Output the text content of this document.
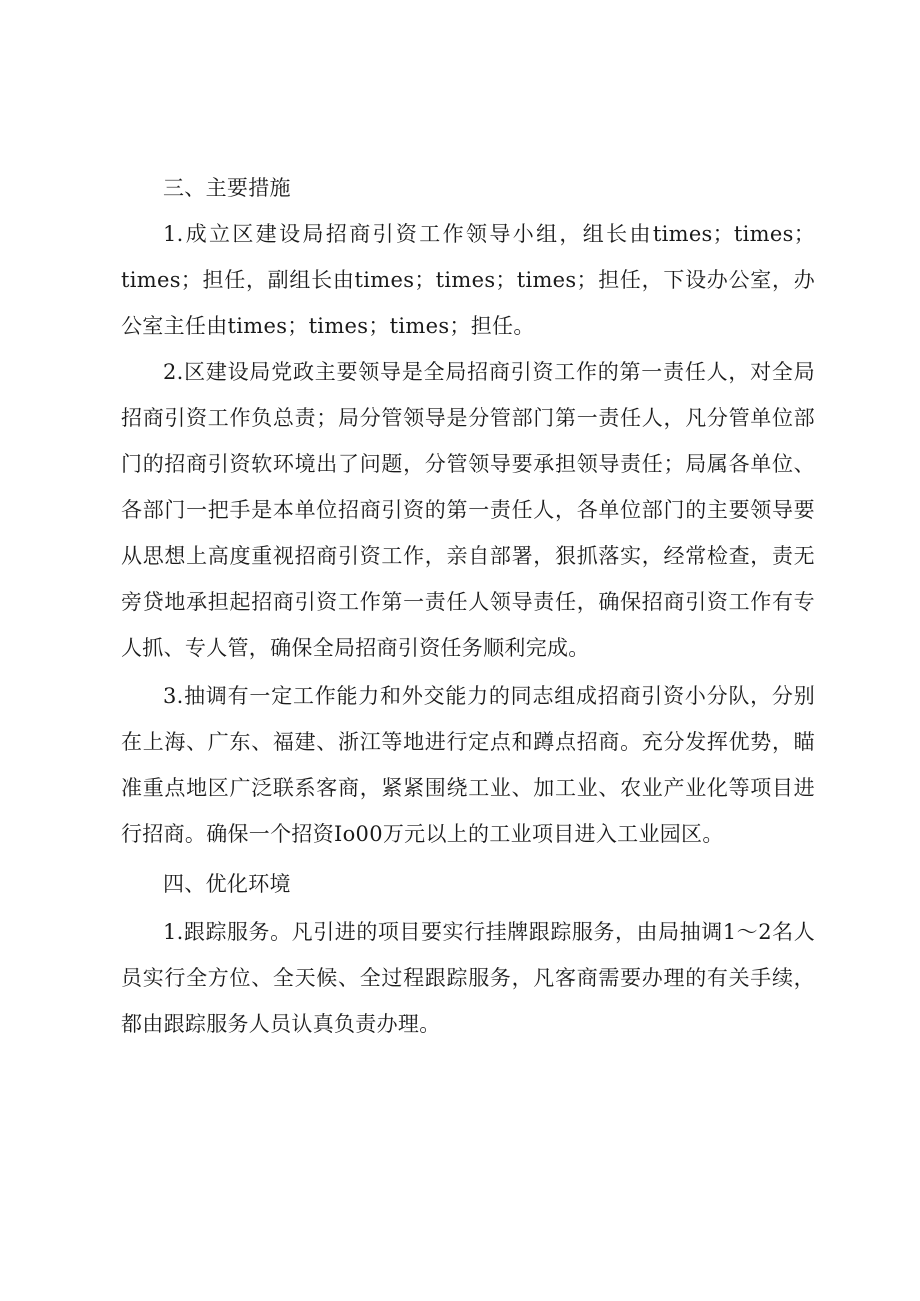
三、主要措施

1.成立区建设局招商引资工作领导小组，组长由times；times；times；担任，副组长由times；times；times；担任，下设办公室，办公室主任由times；times；times；担任。

2.区建设局党政主要领导是全局招商引资工作的第一责任人，对全局招商引资工作负总责；局分管领导是分管部门第一责任人，凡分管单位部门的招商引资软环境出了问题，分管领导要承担领导责任；局属各单位、各部门一把手是本单位招商引资的第一责任人，各单位部门的主要领导要从思想上高度重视招商引资工作，亲自部署，狠抓落实，经常检查，责无旁贷地承担起招商引资工作第一责任人领导责任，确保招商引资工作有专人抓、专人管，确保全局招商引资任务顺利完成。

3.抽调有一定工作能力和外交能力的同志组成招商引资小分队，分别在上海、广东、福建、浙江等地进行定点和蹲点招商。充分发挥优势，瞄准重点地区广泛联系客商，紧紧围绕工业、加工业、农业产业化等项目进行招商。确保一个招资Io00万元以上的工业项目进入工业园区。

四、优化环境

1.跟踪服务。凡引进的项目要实行挂牌跟踪服务，由局抽调1～2名人员实行全方位、全天候、全过程跟踪服务，凡客商需要办理的有关手续，都由跟踪服务人员认真负责办理。
